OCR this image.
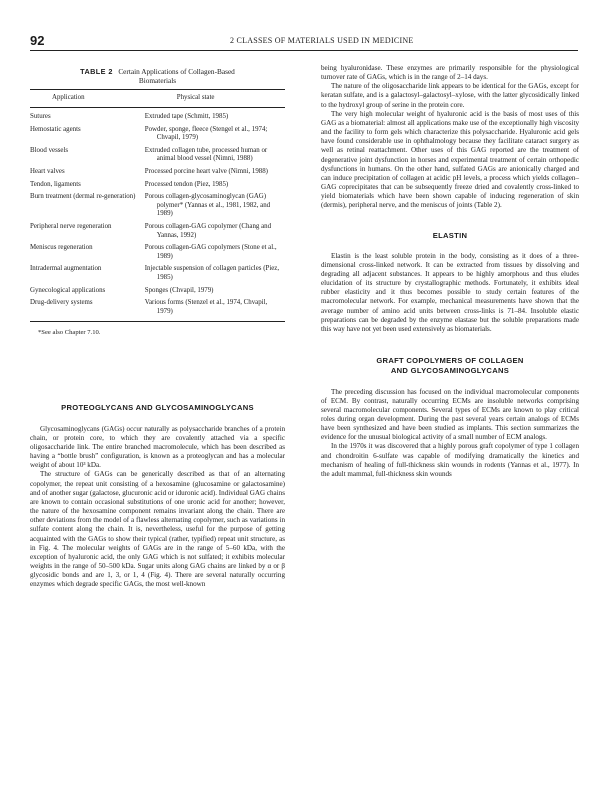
92	2 CLASSES OF MATERIALS USED IN MEDICINE
TABLE 2 Certain Applications of Collagen-Based
Biomaterials
Application	Physical state
Sutures	Extruded tape (Schmitt, 1985)
Hemostatic agents	Powder, sponge, fleece (Stengel et al., 1974; Chvapil, 1979)
Blood vessels	Extruded collagen tube, processed human or animal blood vessel (Nimni, 1988)
Heart valves	Processed porcine heart valve (Nimni, 1988)
Tendon, ligaments	Processed tendon (Piez, 1985)
Burn treatment (dermal re-generation)	Porous collagen-glycosaminoglycan (GAG) polymer* (Yannas et al., 1981, 1982, and 1989)
Peripheral nerve regeneration	Porous collagen-GAG copolymer (Chang and Yannas, 1992)
Meniscus regeneration	Porous collagen-GAG copolymers (Stone et al., 1989)
Intradermal augmentation	Injectable suspension of collagen particles (Piez, 1985)
Gynecological applications	Sponges (Chvapil, 1979)
Drug-delivery systems	Various forms (Stenzel et al., 1974, Chvapil, 1979)
*See also Chapter 7.10.
PROTEOGLYCANS AND GLYCOSAMINOGLYCANS

Glycosaminoglycans (GAGs) occur naturally as polysaccharide branches of a protein chain, or protein core, to which they are covalently attached via a specific oligosaccharide link. The entire branched macromolecule, which has been described as having a “bottle brush” configuration, is known as a proteoglycan and has a molecular weight of about 10³ kDa.

The structure of GAGs can be generically described as that of an alternating copolymer, the repeat unit consisting of a hexosamine (glucosamine or galactosamine) and of another sugar (galactose, glucuronic acid or iduronic acid). Individual GAG chains are known to contain occasional substitutions of one uronic acid for another; however, the nature of the hexosamine component remains invariant along the chain. There are other deviations from the model of a flawless alternating copolymer, such as variations in sulfate content along the chain. It is, nevertheless, useful for the purpose of getting acquainted with the GAGs to show their typical (rather, typified) repeat unit structure, as in Fig. 4. The molecular weights of GAGs are in the range of 5–60 kDa, with the exception of hyaluronic acid, the only GAG which is not sulfated; it exhibits molecular weights in the range of 50–500 kDa. Sugar units along GAG chains are linked by α or β glycosidic bonds and are 1, 3, or 1, 4 (Fig. 4). There are several naturally occurring enzymes which degrade specific GAGs, the most well-known

being hyaluronidase. These enzymes are primarily responsible for the physiological turnover rate of GAGs, which is in the range of 2–14 days.

The nature of the oligosaccharide link appears to be identical for the GAGs, except for keratan sulfate, and is a galactosyl–galactosyl–xylose, with the latter glycosidically linked to the hydroxyl group of serine in the protein core.

The very high molecular weight of hyaluronic acid is the basis of most uses of this GAG as a biomaterial: almost all applications make use of the exceptionally high viscosity and the facility to form gels which characterize this polysaccharide. Hyaluronic acid gels have found considerable use in ophthalmology because they facilitate cataract surgery as well as retinal reattachment. Other uses of this GAG reported are the treatment of degenerative joint dysfunction in horses and experimental treatment of certain orthopedic dysfunctions in humans. On the other hand, sulfated GAGs are anionically charged and can induce precipitation of collagen at acidic pH levels, a process which yields collagen–GAG coprecipitates that can be subsequently freeze dried and covalently cross-linked to yield biomaterials which have been shown capable of inducing regeneration of skin (dermis), peripheral nerve, and the meniscus of joints (Table 2).

ELASTIN

Elastin is the least soluble protein in the body, consisting as it does of a three-dimensional cross-linked network. It can be extracted from tissues by dissolving and degrading all adjacent substances. It appears to be highly amorphous and thus eludes elucidation of its structure by crystallographic methods. Fortunately, it exhibits ideal rubber elasticity and it thus becomes possible to study certain features of the macromolecular network. For example, mechanical measurements have shown that the average number of amino acid units between cross-links is 71–84. Insoluble elastic preparations can be degraded by the enzyme elastase but the soluble preparations made this way have not yet been used extensively as biomaterials.

GRAFT COPOLYMERS OF COLLAGEN
AND GLYCOSAMINOGLYCANS

The preceding discussion has focused on the individual macromolecular components of ECM. By contrast, naturally occurring ECMs are insoluble networks comprising several macromolecular components. Several types of ECMs are known to play critical roles during organ development. During the past several years certain analogs of ECMs have been synthesized and have been studied as implants. This section summarizes the evidence for the unusual biological activity of a small number of ECM analogs.

In the 1970s it was discovered that a highly porous graft copolymer of type 1 collagen and chondroitin 6-sulfate was capable of modifying dramatically the kinetics and mechanism of healing of full-thickness skin wounds in rodents (Yannas et al., 1977). In the adult mammal, full-thickness skin wounds
